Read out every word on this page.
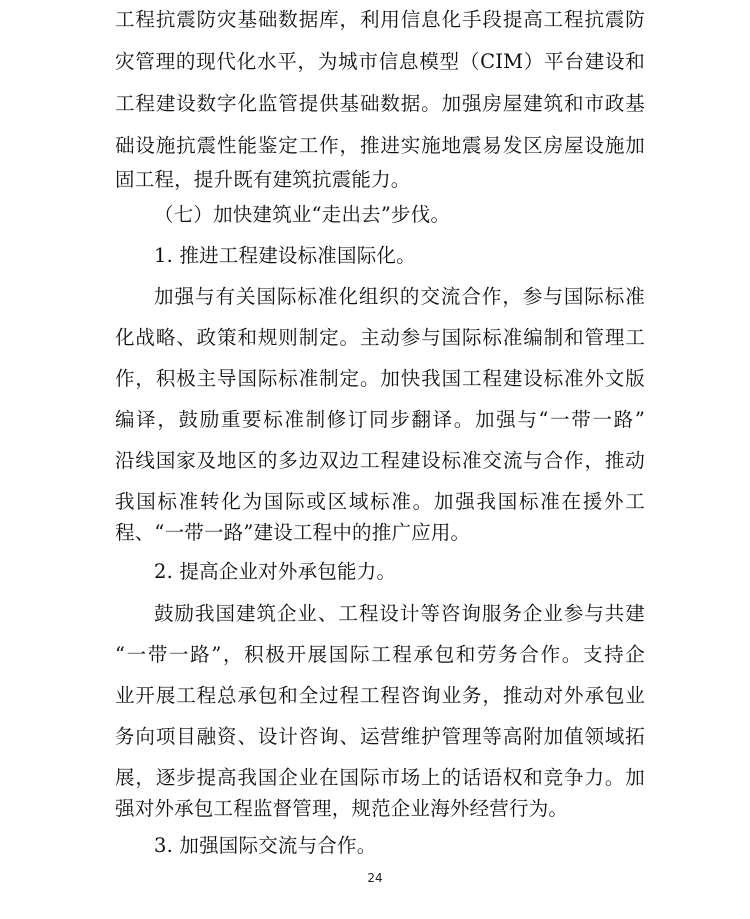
工程抗震防灾基础数据库，利用信息化手段提高工程抗震防
灾管理的现代化水平，为城市信息模型（CIM）平台建设和
工程建设数字化监管提供基础数据。加强房屋建筑和市政基
础设施抗震性能鉴定工作，推进实施地震易发区房屋设施加
固工程，提升既有建筑抗震能力。
（七）加快建筑业“走出去”步伐。
1. 推进工程建设标准国际化。
加强与有关国际标准化组织的交流合作，参与国际标准
化战略、政策和规则制定。主动参与国际标准编制和管理工
作，积极主导国际标准制定。加快我国工程建设标准外文版
编译，鼓励重要标准制修订同步翻译。加强与“一带一路”
沿线国家及地区的多边双边工程建设标准交流与合作，推动
我国标准转化为国际或区域标准。加强我国标准在援外工
程、“一带一路”建设工程中的推广应用。
2. 提高企业对外承包能力。
鼓励我国建筑企业、工程设计等咨询服务企业参与共建
“一带一路”，积极开展国际工程承包和劳务合作。支持企
业开展工程总承包和全过程工程咨询业务，推动对外承包业
务向项目融资、设计咨询、运营维护管理等高附加值领域拓
展，逐步提高我国企业在国际市场上的话语权和竞争力。加
强对外承包工程监督管理，规范企业海外经营行为。
3. 加强国际交流与合作。
24
